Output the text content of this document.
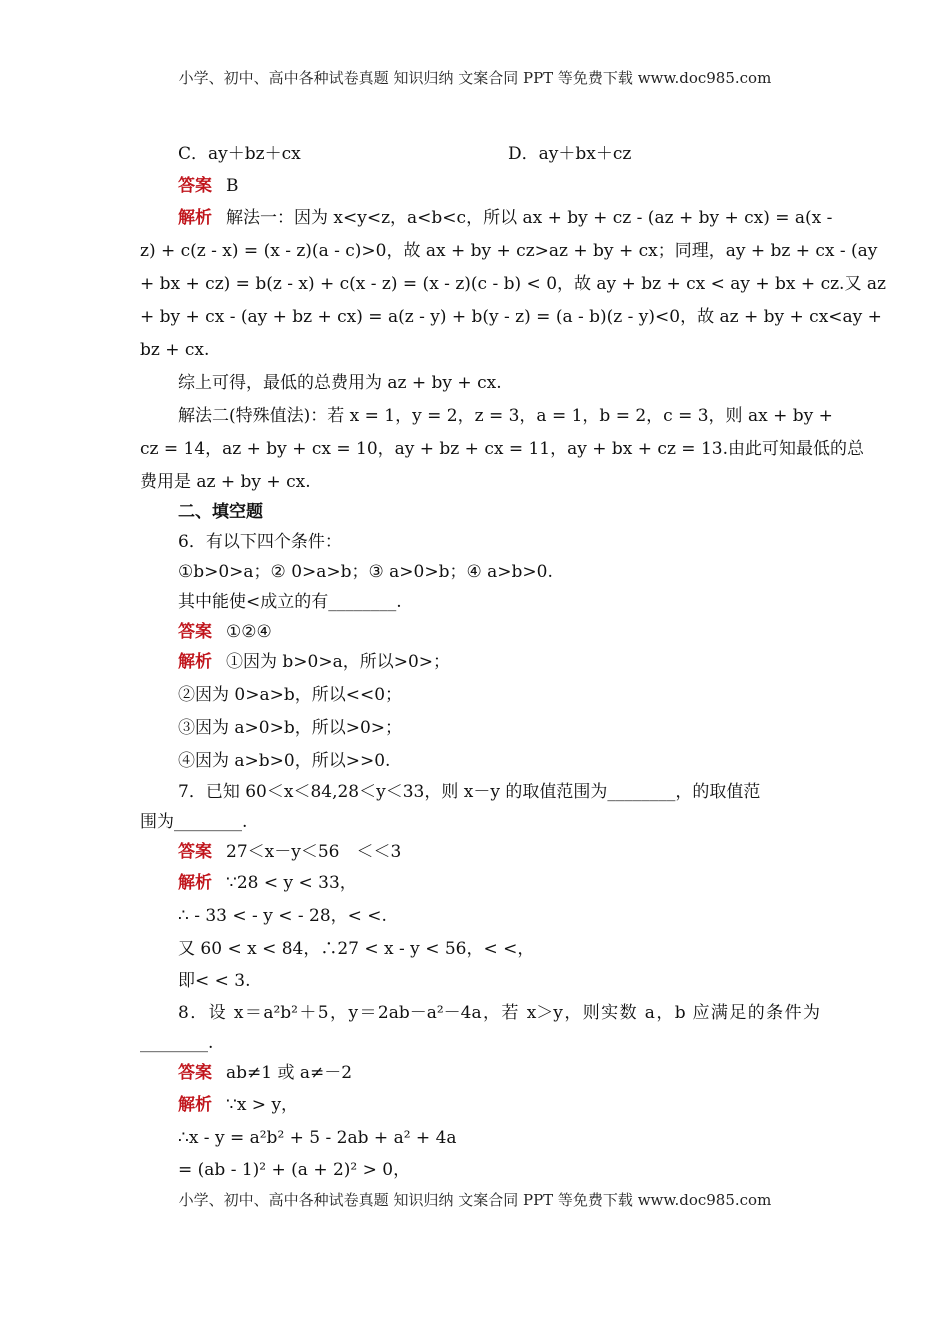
小学、初中、高中各种试卷真题 知识归纳 文案合同 PPT 等免费下载 www.doc985.com
C．ay＋bz＋cx	D．ay＋bx＋cz
答案 B
解析 解法一：因为 x<y<z，a<b<c，所以 ax + by + cz - (az + by + cx) = a(x -
z) + c(z - x) = (x - z)(a - c)>0，故 ax + by + cz>az + by + cx；同理，ay + bz + cx - (ay
+ bx + cz) = b(z - x) + c(x - z) = (x - z)(c - b) < 0，故 ay + bz + cx < ay + bx + cz.又 az
+ by + cx - (ay + bz + cx) = a(z - y) + b(y - z) = (a - b)(z - y)<0，故 az + by + cx<ay +
bz + cx.
综上可得，最低的总费用为 az + by + cx.
解法二(特殊值法)：若 x = 1，y = 2，z = 3，a = 1，b = 2，c = 3，则 ax + by +
cz = 14，az + by + cx = 10，ay + bz + cx = 11，ay + bx + cz = 13.由此可知最低的总
费用是 az + by + cx.
二、填空题
6．有以下四个条件：
①b>0>a；② 0>a>b；③ a>0>b；④ a>b>0.
其中能使<成立的有________.
答案 ①②④
解析 ①因为 b>0>a，所以>0>；
②因为 0>a>b，所以<<0；
③因为 a>0>b，所以>0>；
④因为 a>b>0，所以>>0.
7．已知 60＜x＜84,28＜y＜33，则 x－y 的取值范围为________，的取值范
围为________.
答案 27＜x－y＜56　＜＜3
解析 ∵28 < y < 33，
∴ - 33 < - y < - 28，< <.
又 60 < x < 84，∴27 < x - y < 56，< <，
即< < 3.
8．设 x＝a²b²＋5，y＝2ab－a²－4a，若 x＞y，则实数 a，b 应满足的条件为
________.
答案 ab≠1 或 a≠－2
解析 ∵x > y，
∴x - y = a²b² + 5 - 2ab + a² + 4a
= (ab - 1)² + (a + 2)² > 0，
小学、初中、高中各种试卷真题 知识归纳 文案合同 PPT 等免费下载 www.doc985.com
